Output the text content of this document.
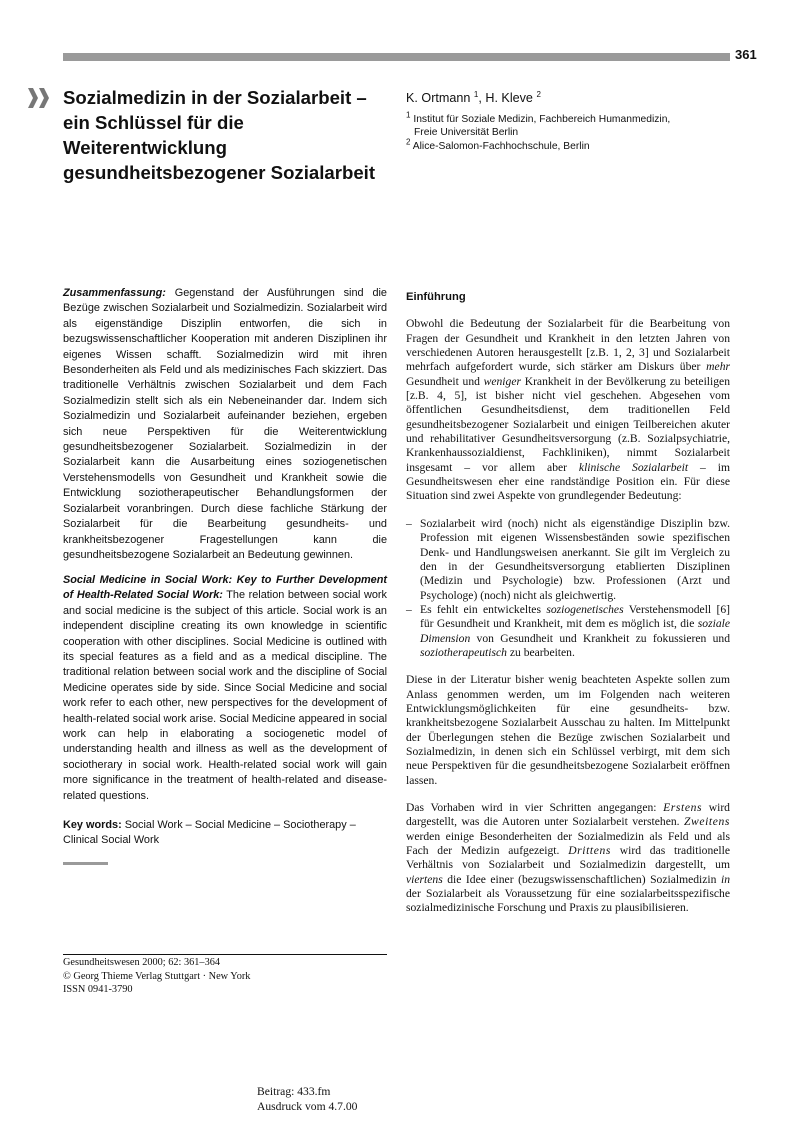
361
Sozialmedizin in der Sozialarbeit –
ein Schlüssel für die
Weiterentwicklung
gesundheitsbezogener Sozialarbeit
K. Ortmann $^1$, H. Kleve $^2$
$^1$ Institut für Soziale Medizin, Fachbereich Humanmedizin,
Freie Universität Berlin
$^2$ Alice-Salomon-Fachhochschule, Berlin

Zusammenfassung: Gegenstand der Ausführungen sind die Bezüge zwischen Sozialarbeit und Sozialmedizin. Sozialarbeit wird als eigenständige Disziplin entworfen, die sich in bezugswissenschaftlicher Kooperation mit anderen Disziplinen ihr eigenes Wissen schafft. Sozialmedizin wird mit ihren Besonderheiten als Feld und als medizinisches Fach skizziert. Das traditionelle Verhältnis zwischen Sozialarbeit und dem Fach Sozialmedizin stellt sich als ein Nebeneinander dar. Indem sich Sozialmedizin und Sozialarbeit aufeinander beziehen, ergeben sich neue Perspektiven für die Weiterentwicklung gesundheitsbezogener Sozialarbeit. Sozialmedizin in der Sozialarbeit kann die Ausarbeitung eines soziogenetischen Verstehensmodells von Gesundheit und Krankheit sowie die Entwicklung soziotherapeutischer Behandlungsformen der Sozialarbeit voranbringen. Durch diese fachliche Stärkung der Sozialarbeit für die Bearbeitung gesundheits- und krankheitsbezogener Fragestellungen kann die gesundheitsbezogene Sozialarbeit an Bedeutung gewinnen.

Social Medicine in Social Work: Key to Further Development of Health-Related Social Work: The relation between social work and social medicine is the subject of this article. Social work is an independent discipline creating its own knowledge in scientific cooperation with other disciplines. Social Medicine is outlined with its special features as a field and as a medical discipline. The traditional relation between social work and the discipline of Social Medicine operates side by side. Since Social Medicine and social work refer to each other, new perspectives for the development of health-related social work arise. Social Medicine appeared in social work can help in elaborating a sociogenetic model of understanding health and illness as well as the development of sociotherary in social work. Health-related social work will gain more significance in the treatment of health-related and disease-related questions.

Key words: Social Work – Social Medicine – Sociotherapy – Clinical Social Work

Gesundheitswesen 2000; 62: 361–364
© Georg Thieme Verlag Stuttgart · New York
ISSN 0941-3790
Einführung

Obwohl die Bedeutung der Sozialarbeit für die Bearbeitung von Fragen der Gesundheit und Krankheit in den letzten Jahren von verschiedenen Autoren herausgestellt [z.B. 1, 2, 3] und Sozialarbeit mehrfach aufgefordert wurde, sich stärker am Diskurs über mehr Gesundheit und weniger Krankheit in der Bevölkerung zu beteiligen [z.B. 4, 5], ist bisher nicht viel geschehen. Abgesehen vom öffentlichen Gesundheitsdienst, dem traditionellen Feld gesundheitsbezogener Sozialarbeit und einigen Teilbereichen akuter und rehabilitativer Gesundheitsversorgung (z.B. Sozialpsychiatrie, Krankenhaussozialdienst, Fachkliniken), nimmt Sozialarbeit insgesamt – vor allem aber klinische Sozialarbeit – im Gesundheitswesen eher eine randständige Position ein. Für diese Situation sind zwei Aspekte von grundlegender Bedeutung:

– Sozialarbeit wird (noch) nicht als eigenständige Disziplin bzw. Profession mit eigenen Wissensbeständen sowie spezifischen Denk- und Handlungsweisen anerkannt. Sie gilt im Vergleich zu den in der Gesundheitsversorgung etablierten Disziplinen (Medizin und Psychologie) bzw. Professionen (Arzt und Psychologe) (noch) nicht als gleichwertig.
– Es fehlt ein entwickeltes soziogenetisches Verstehensmodell [6] für Gesundheit und Krankheit, mit dem es möglich ist, die soziale Dimension von Gesundheit und Krankheit zu fokussieren und soziotherapeutisch zu bearbeiten.

Diese in der Literatur bisher wenig beachteten Aspekte sollen zum Anlass genommen werden, um im Folgenden nach weiteren Entwicklungsmöglichkeiten für eine gesundheits- bzw. krankheitsbezogene Sozialarbeit Ausschau zu halten. Im Mittelpunkt der Überlegungen stehen die Bezüge zwischen Sozialarbeit und Sozialmedizin, in denen sich ein Schlüssel verbirgt, mit dem sich neue Perspektiven für die gesundheitsbezogene Sozialarbeit eröffnen lassen.

Das Vorhaben wird in vier Schritten angegangen: Erstens wird dargestellt, was die Autoren unter Sozialarbeit verstehen. Zweitens werden einige Besonderheiten der Sozialmedizin als Feld und als Fach der Medizin aufgezeigt. Drittens wird das traditionelle Verhältnis von Sozialarbeit und Sozialmedizin dargestellt, um viertens die Idee einer (bezugswissenschaftlichen) Sozialmedizin in der Sozialarbeit als Voraussetzung für eine sozialarbeitsspezifische sozialmedizinische Forschung und Praxis zu plausibilisieren.

Beitrag: 433.fm
Ausdruck vom 4.7.00
